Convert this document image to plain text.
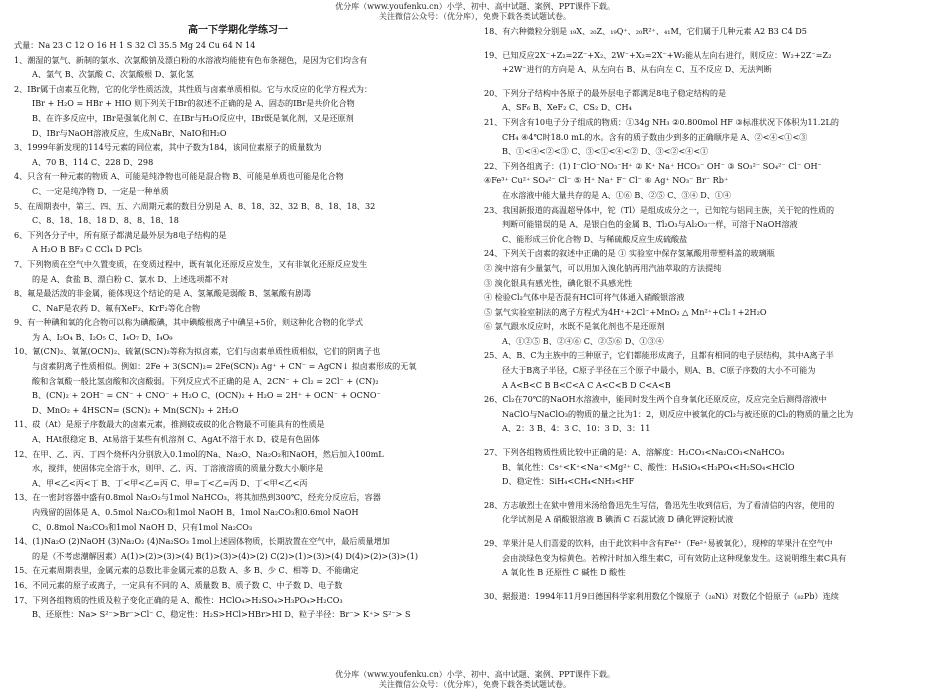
优分库（www.youfenku.cn）小学、初中、高中试题、案例、PPT课件下载。
关注微信公众号：（优分库），免费下载各类试题试卷。
高一下学期化学练习一
式量：Na 23 C 12 O 16 H 1 S 32 Cl 35.5 Mg 24 Cu 64 N 14
1、潮湿的氯气、新制的氯水、次氯酸钠及漂白粉的水溶液均能使有色布条褪色，是因为它们均含有
A、氯气 B、次氯酸 C、次氯酸根 D、氯化氢
2、IBr属于卤素互化物，它的化学性质活泼，其性质与卤素单质相似。它与水反应的化学方程式为：
IBr + H₂O = HBr + HIO 则下列关于IBr的叙述不正确的是 A、固态的IBr是共价化合物
B、在许多反应中，IBr是强氧化剂 C、在IBr与H₂O反应中，IBr既是氧化剂，又是还原剂
D、IBr与NaOH溶液反应，生成NaBr、NaIO和H₂O
3、1999年新发现的114号元素的同位素，其中子数为184，该同位素原子的质量数为
A、70 B、114 C、228 D、298
4、只含有一种元素的物质 A、可能是纯净物也可能是混合物 B、可能是单质也可能是化合物
C、一定是纯净物 D、一定是一种单质
5、在周期表中，第三、四、五、六周期元素的数目分别是 A、8、18、32、32 B、8、18、18、32
C、8、18、18、18 D、8、8、18、18
6、下列各分子中，所有原子都满足最外层为8电子结构的是
A H₂O B BF₃ C CCl₄ D PCl₅
7、下列物质在空气中久置变质，在变质过程中，既有氧化还原反应发生，又有非氧化还原反应发生
的是 A、食盐 B、漂白粉 C、氯水 D、上述选项都不对
8、氟是最活泼的非金属，能体现这个结论的是 A、氢氟酸是弱酸 B、氢氟酸有剧毒
C、NaF是农药 D、氟有XeF₂、KrF₂等化合物
9、有一种碘和氧的化合物可以称为碘酸碘，其中碘酸根离子中碘呈+5价，则这种化合物的化学式
为 A、I₂O₄ B、I₂O₅ C、I₄O₇ D、I₄O₉
10、氰(CN)₂、氧氰(OCN)₂、硫氰(SCN)₂等称为拟卤素，它们与卤素单质性质相似，它们的阴离子也
与卤素阴离子性质相似。例如：2Fe + 3(SCN)₂= 2Fe(SCN)₃ Ag⁺ + CN⁻ = AgCN↓ 拟卤素形成的无氧
酸和含氧酸一般比氢卤酸和次卤酸弱。下列反应式不正确的是 A、2CN⁻ + Cl₂ = 2Cl⁻ + (CN)₂
B、(CN)₂ + 2OH⁻ = CN⁻ + CNO⁻ + H₂O C、(OCN)₂ + H₂O = 2H⁺ + OCN⁻ + OCNO⁻
D、MnO₂ + 4HSCN= (SCN)₂ + Mn(SCN)₂ + 2H₂O
11、砹（At）是原子序数最大的卤素元素，推测砹或砹的化合物最不可能具有的性质是
A、HAt很稳定 B、At易溶于某些有机溶剂 C、AgAt不溶于水 D、砹是有色固体
12、在甲、乙、丙、丁四个烧杯内分别放入0.1mol的Na、Na₂O、Na₂O₂和NaOH，然后加入100mL
水，搅拌，使固体完全溶于水，则甲、乙、丙、丁溶液溶质的质量分数大小顺序是
A、甲<乙<丙<丁 B、丁<甲<乙=丙 C、甲=丁<乙=丙 D、丁<甲<乙<丙
13、在一密封容器中盛有0.8mol Na₂O₂与1mol NaHCO₃，将其加热到300℃，经充分反应后，容器
内残留的固体是 A、0.5mol Na₂CO₃和1mol NaOH B、1mol Na₂CO₃和0.6mol NaOH
C、0.8mol Na₂CO₃和1mol NaOH D、只有1mol Na₂CO₃
14、(1)Na₂O (2)NaOH (3)Na₂O₂ (4)Na₂SO₃ 1mol上述固体物质，长期放置在空气中，最后质量增加
的是（不考虑潮解因素）A(1)>(2)>(3)>(4) B(1)>(3)>(4)>(2) C(2)>(1)>(3)>(4) D(4)>(2)>(3)>(1)
15、在元素周期表里，金属元素的总数比非金属元素的总数 A、多 B、少 C、相等 D、不能确定
16、不同元素的原子或离子，一定具有不同的 A、质量数 B、质子数 C、中子数 D、电子数
17、下列各组物质的性质及粒子变化正确的是 A、酸性：HClO₄>H₂SO₄>H₃PO₄>H₂CO₃
B、还原性：Na> S²⁻>Br⁻>Cl⁻ C、稳定性：H₂S>HCl>HBr>HI D、粒子半径：Br⁻> K⁺> S²⁻> S
18、有六种微粒分别是 ₁₉X、₂₀Z、₁₉Q⁺、₂₀R²⁺、₄₁M，它们属于几种元素 A2 B3 C4 D5
19、已知反应2X⁻+Z₂=2Z⁻+X₂、2W⁻+X₂=2X⁻+W₂能从左向右进行，则反应：W₂+2Z⁻=Z₂
+2W⁻进行的方向是 A、从左向右 B、从右向左 C、互不反应 D、无法判断
20、下列分子结构中各原子的最外层电子都满足8电子稳定结构的是
A、SF₆ B、XeF₂ C、CS₂ D、CH₄
21、下列含有10电子分子组成的物质：①34g NH₃ ②0.800mol HF ③标准状况下体积为11.2L的
CH₄ ④4℃时18.0 mL的水。含有的质子数由少到多的正确顺序是 A、②<④<①<③
B、①<④<②<③ C、③<①<④<② D、③<②<④<①
22、下列各组离子：(1) I⁻ClO⁻NO₃⁻H⁺ ② K⁺ Na⁺ HCO₃⁻ OH⁻ ③ SO₃²⁻ SO₄²⁻ Cl⁻ OH⁻
④Fe³⁺ Cu²⁺ SO₄²⁻ Cl⁻ ⑤ H⁺ Na⁺ F⁻ Cl⁻ ⑥ Ag⁺ NO₃⁻ Br⁻ Rb⁺
在水溶液中能大量共存的是 A、①⑥ B、②⑤ C、③④ D、①④
23、我国新报道的高温超导体中，铊（Tl）是组成成分之一，已知铊与铝同主族，关于铊的性质的
判断可能错误的是 A、是银白色的金属 B、Tl₂O₃与Al₂O₃一样，可溶于NaOH溶液
C、能形成三价化合物 D、与稀硫酸反应生成硫酸盐
24、下列关于卤素的叙述中正确的是 ① 实验室中保存氢氟酸用带塑料盖的玻璃瓶
② 溴中溶有少量氯气，可以用加入溴化钠再用汽油萃取的方法提纯
③ 溴化银具有感光性，碘化银不具感光性
④ 检验Cl₂气体中是否混有HCl可将气体通入硝酸银溶液
⑤ 氯气实验室制法的离子方程式为4H⁺+2Cl⁻+MnO₂ △ Mn²⁺+Cl₂↑+2H₂O
⑥ 氯气跟水反应时，水既不是氧化剂也不是还原剂
A、①②⑤ B、②④⑥ C、②⑤⑥ D、①③④
25、A、B、C为主族中的三种原子，它们都能形成离子，且都有相同的电子层结构，其中A离子半
径大于B离子半径，C原子半径在三个原子中最小，则A、B、C原子序数的大小不可能为
A A<B<C B B<C<A C A<C<B D C<A<B
26、Cl₂在70℃的NaOH水溶液中，能同时发生两个自身氧化还原反应，反应完全后测得溶液中
NaClO与NaClO₃的物质的量之比为1：2，则反应中被氧化的Cl₂与被还原的Cl₂的物质的量之比为
A、2：3 B、4：3 C、10：3 D、3：11
27、下列各组物质性质比较中正确的是：A、溶解度：H₂CO₃<Na₂CO₃<NaHCO₃
B、氧化性：Cs⁺<K⁺<Na⁺<Mg²⁺ C、酸性：H₄SiO₄<H₃PO₄<H₂SO₄<HClO
D、稳定性：SiH₄<CH₄<NH₃<HF
28、方志敏烈士在狱中曾用米汤给鲁迅先生写信，鲁迅先生收到信后，为了看清信的内容，使用的
化学试剂是 A 硝酸银溶液 B 碘酒 C 石蕊试液 D 碘化钾淀粉试液
29、苹果汁是人们喜爱的饮料，由于此饮料中含有Fe²⁺（Fe²⁺易被氧化），现榨的苹果汁在空气中
会由淡绿色变为棕黄色。若榨汁时加入维生素C，可有效防止这种现象发生。这说明维生素C具有
A 氧化性 B 还原性 C 碱性 D 酸性
30、据报道：1994年11月9日德国科学家利用数亿个镍原子（₂₈Ni）对数亿个铅原子（₈₂Pb）连续
优分库（www.youfenku.cn）小学、初中、高中试题、案例、PPT课件下载。
关注微信公众号：（优分库），免费下载各类试题试卷。
